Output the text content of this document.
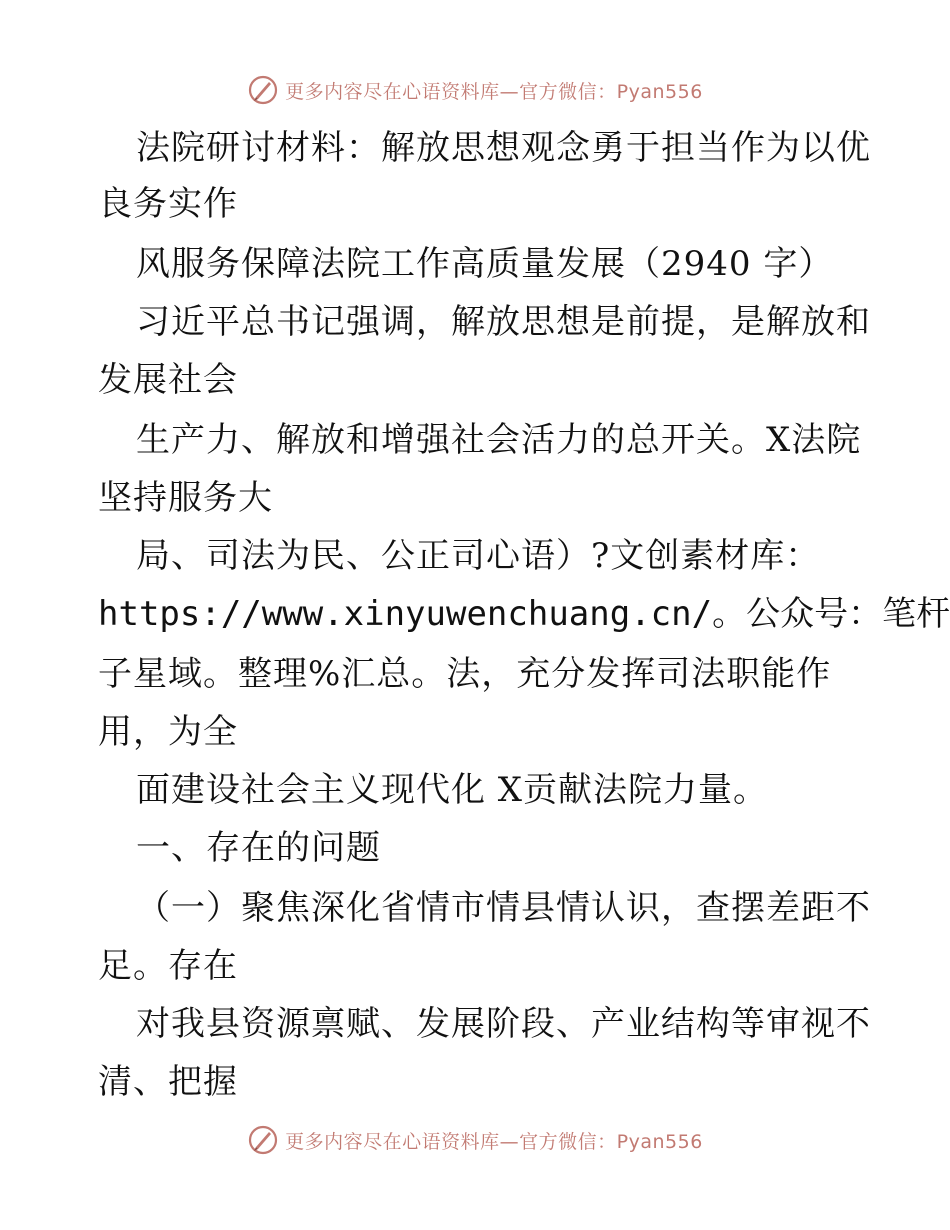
更多内容尽在心语资料库—官方微信：Pyan556
法院研讨材料：解放思想观念勇于担当作为以优
良务实作
风服务保障法院工作高质量发展（2940 字）
习近平总书记强调，解放思想是前提，是解放和
发展社会
生产力、解放和增强社会活力的总开关。X法院
坚持服务大
局、司法为民、公正司心语）?文创素材库：
https://www.xinyuwenchuang.cn/。公众号：笔杆
子星域。整理%汇总。法，充分发挥司法职能作
用，为全
面建设社会主义现代化 X贡献法院力量。
一、存在的问题
（一）聚焦深化省情市情县情认识，查摆差距不
足。存在
对我县资源禀赋、发展阶段、产业结构等审视不
清、把握
更多内容尽在心语资料库—官方微信：Pyan556
